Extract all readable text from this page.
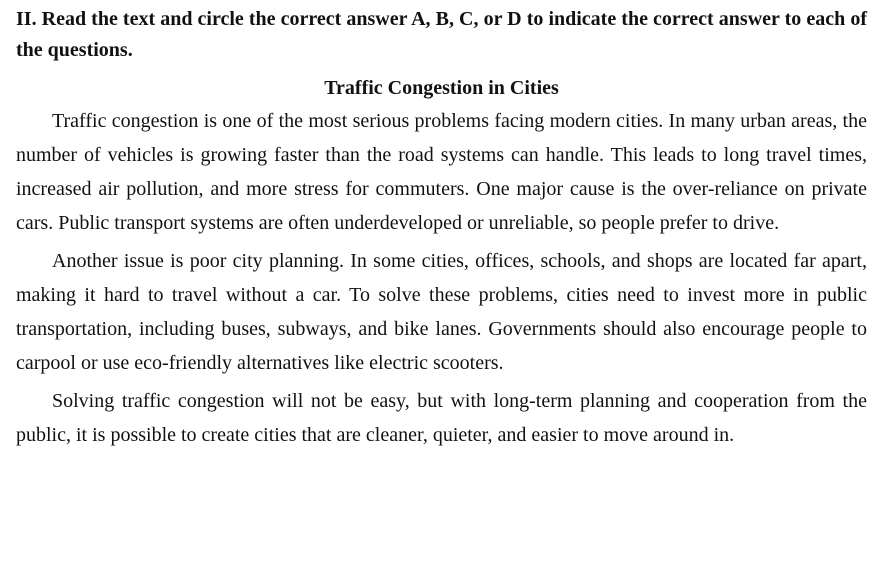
II. Read the text and circle the correct answer A, B, C, or D to indicate the correct answer to each of the questions.

Traffic Congestion in Cities

Traffic congestion is one of the most serious problems facing modern cities. In many urban areas, the number of vehicles is growing faster than the road systems can handle. This leads to long travel times, increased air pollution, and more stress for commuters. One major cause is the over-reliance on private cars. Public transport systems are often underdeveloped or unreliable, so people prefer to drive.

Another issue is poor city planning. In some cities, offices, schools, and shops are located far apart, making it hard to travel without a car. To solve these problems, cities need to invest more in public transportation, including buses, subways, and bike lanes. Governments should also encourage people to carpool or use eco-friendly alternatives like electric scooters.

Solving traffic congestion will not be easy, but with long-term planning and cooperation from the public, it is possible to create cities that are cleaner, quieter, and easier to move around in.
